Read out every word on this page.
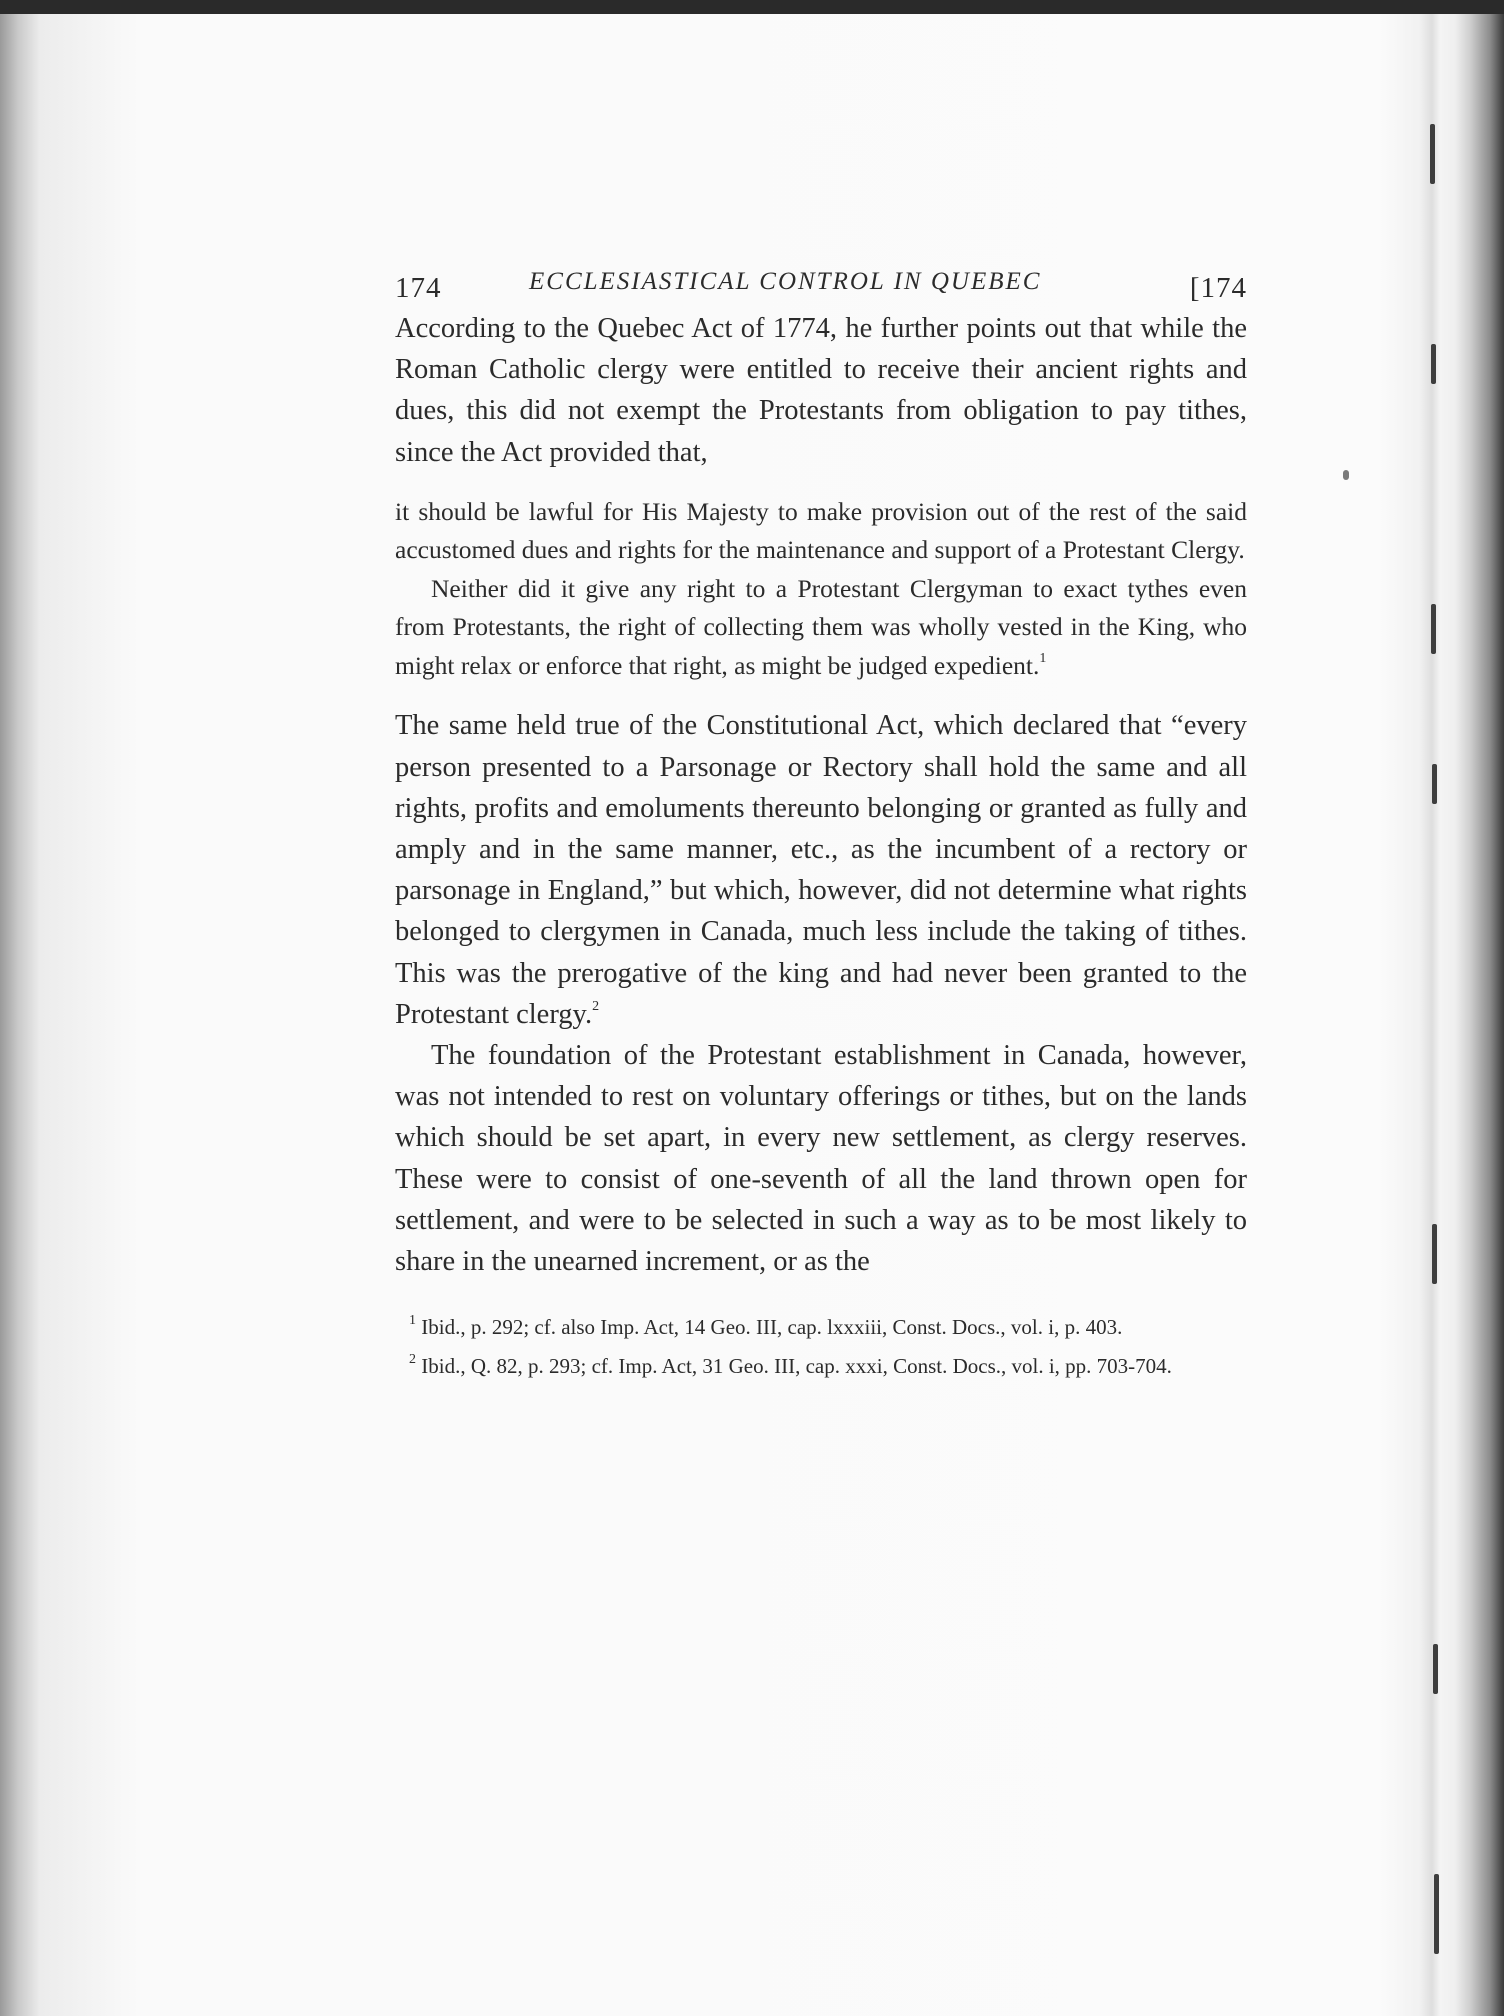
174	ECCLESIASTICAL CONTROL IN QUEBEC	[174

According to the Quebec Act of 1774, he further points out that while the Roman Catholic clergy were entitled to receive their ancient rights and dues, this did not exempt the Protestants from obligation to pay tithes, since the Act provided that,

it should be lawful for His Majesty to make provision out of the rest of the said accustomed dues and rights for the maintenance and support of a Protestant Clergy.

Neither did it give any right to a Protestant Clergyman to exact tythes even from Protestants, the right of collecting them was wholly vested in the King, who might relax or enforce that right, as might be judged expedient.$^1$

The same held true of the Constitutional Act, which declared that “every person presented to a Parsonage or Rectory shall hold the same and all rights, profits and emoluments thereunto belonging or granted as fully and amply and in the same manner, etc., as the incumbent of a rectory or parsonage in England,” but which, however, did not determine what rights belonged to clergymen in Canada, much less include the taking of tithes. This was the prerogative of the king and had never been granted to the Protestant clergy.$^2$

The foundation of the Protestant establishment in Canada, however, was not intended to rest on voluntary offerings or tithes, but on the lands which should be set apart, in every new settlement, as clergy reserves. These were to consist of one-seventh of all the land thrown open for settlement, and were to be selected in such a way as to be most likely to share in the unearned increment, or as the

$^1$ Ibid., p. 292; cf. also Imp. Act, 14 Geo. III, cap. lxxxiii, Const. Docs., vol. i, p. 403.

$^2$ Ibid., Q. 82, p. 293; cf. Imp. Act, 31 Geo. III, cap. xxxi, Const. Docs., vol. i, pp. 703-704.
